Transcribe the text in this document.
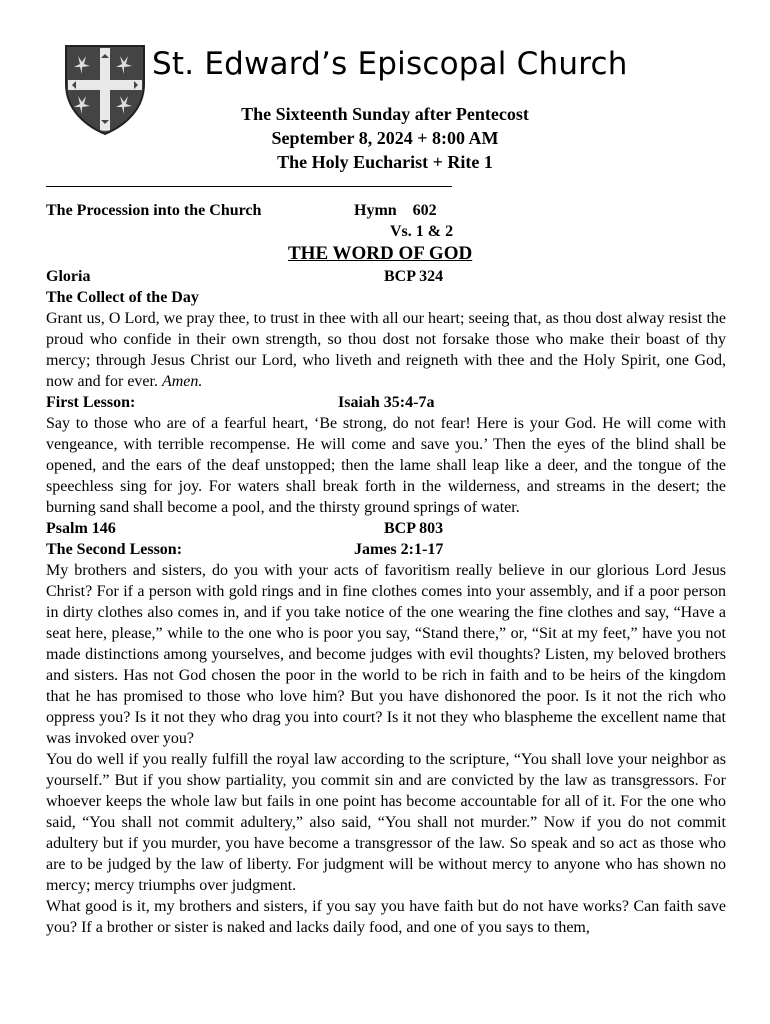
St. Edward’s Episcopal Church
The Sixteenth Sunday after Pentecost
September 8, 2024 + 8:00 AM
The Holy Eucharist + Rite 1
The Procession into the Church	Hymn    602
Vs. 1 & 2
THE WORD OF GOD
Gloria	BCP 324
The Collect of the Day

Grant us, O Lord, we pray thee, to trust in thee with all our heart; seeing that, as thou dost alway resist the proud who confide in their own strength, so thou dost not forsake those who make their boast of thy mercy; through Jesus Christ our Lord, who liveth and reigneth with thee and the Holy Spirit, one God, now and for ever. Amen.

First Lesson:	Isaiah 35:4-7a

Say to those who are of a fearful heart, ‘Be strong, do not fear! Here is your God. He will come with vengeance, with terrible recompense. He will come and save you.’ Then the eyes of the blind shall be opened, and the ears of the deaf unstopped; then the lame shall leap like a deer, and the tongue of the speechless sing for joy. For waters shall break forth in the wilderness, and streams in the desert; the burning sand shall become a pool, and the thirsty ground springs of water.

Psalm 146	BCP 803
The Second Lesson:	James 2:1-17

My brothers and sisters, do you with your acts of favoritism really believe in our glorious Lord Jesus Christ? For if a person with gold rings and in fine clothes comes into your assembly, and if a poor person in dirty clothes also comes in, and if you take notice of the one wearing the fine clothes and say, “Have a seat here, please,” while to the one who is poor you say, “Stand there,” or, “Sit at my feet,” have you not made distinctions among yourselves, and become judges with evil thoughts? Listen, my beloved brothers and sisters. Has not God chosen the poor in the world to be rich in faith and to be heirs of the kingdom that he has promised to those who love him? But you have dishonored the poor. Is it not the rich who oppress you? Is it not they who drag you into court? Is it not they who blaspheme the excellent name that was invoked over you?

You do well if you really fulfill the royal law according to the scripture, “You shall love your neighbor as yourself.” But if you show partiality, you commit sin and are convicted by the law as transgressors. For whoever keeps the whole law but fails in one point has become accountable for all of it. For the one who said, “You shall not commit adultery,” also said, “You shall not murder.” Now if you do not commit adultery but if you murder, you have become a transgressor of the law. So speak and so act as those who are to be judged by the law of liberty. For judgment will be without mercy to anyone who has shown no mercy; mercy triumphs over judgment.

What good is it, my brothers and sisters, if you say you have faith but do not have works? Can faith save you? If a brother or sister is naked and lacks daily food, and one of you says to them,
